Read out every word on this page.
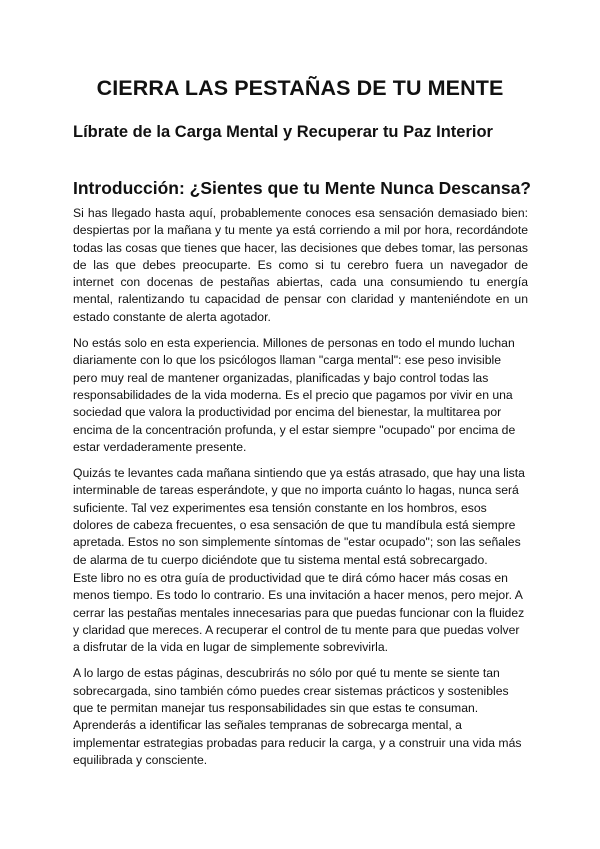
CIERRA LAS PESTAÑAS DE TU MENTE
Líbrate de la Carga Mental y Recuperar tu Paz Interior
Introducción: ¿Sientes que tu Mente Nunca Descansa?

Si has llegado hasta aquí, probablemente conoces esa sensación demasiado bien: despiertas por la mañana y tu mente ya está corriendo a mil por hora, recordándote todas las cosas que tienes que hacer, las decisiones que debes tomar, las personas de las que debes preocuparte. Es como si tu cerebro fuera un navegador de internet con docenas de pestañas abiertas, cada una consumiendo tu energía mental, ralentizando tu capacidad de pensar con claridad y manteniéndote en un estado constante de alerta agotador.

No estás solo en esta experiencia. Millones de personas en todo el mundo luchan diariamente con lo que los psicólogos llaman "carga mental": ese peso invisible pero muy real de mantener organizadas, planificadas y bajo control todas las responsabilidades de la vida moderna. Es el precio que pagamos por vivir en una sociedad que valora la productividad por encima del bienestar, la multitarea por encima de la concentración profunda, y el estar siempre "ocupado" por encima de estar verdaderamente presente.

Quizás te levantes cada mañana sintiendo que ya estás atrasado, que hay una lista interminable de tareas esperándote, y que no importa cuánto lo hagas, nunca será suficiente. Tal vez experimentes esa tensión constante en los hombros, esos dolores de cabeza frecuentes, o esa sensación de que tu mandíbula está siempre apretada. Estos no son simplemente síntomas de "estar ocupado"; son las señales de alarma de tu cuerpo diciéndote que tu sistema mental está sobrecargado.

Este libro no es otra guía de productividad que te dirá cómo hacer más cosas en menos tiempo. Es todo lo contrario. Es una invitación a hacer menos, pero mejor. A cerrar las pestañas mentales innecesarias para que puedas funcionar con la fluidez y claridad que mereces. A recuperar el control de tu mente para que puedas volver a disfrutar de la vida en lugar de simplemente sobrevivirla.

A lo largo de estas páginas, descubrirás no sólo por qué tu mente se siente tan sobrecargada, sino también cómo puedes crear sistemas prácticos y sostenibles que te permitan manejar tus responsabilidades sin que estas te consuman. Aprenderás a identificar las señales tempranas de sobrecarga mental, a implementar estrategias probadas para reducir la carga, y a construir una vida más equilibrada y consciente.
